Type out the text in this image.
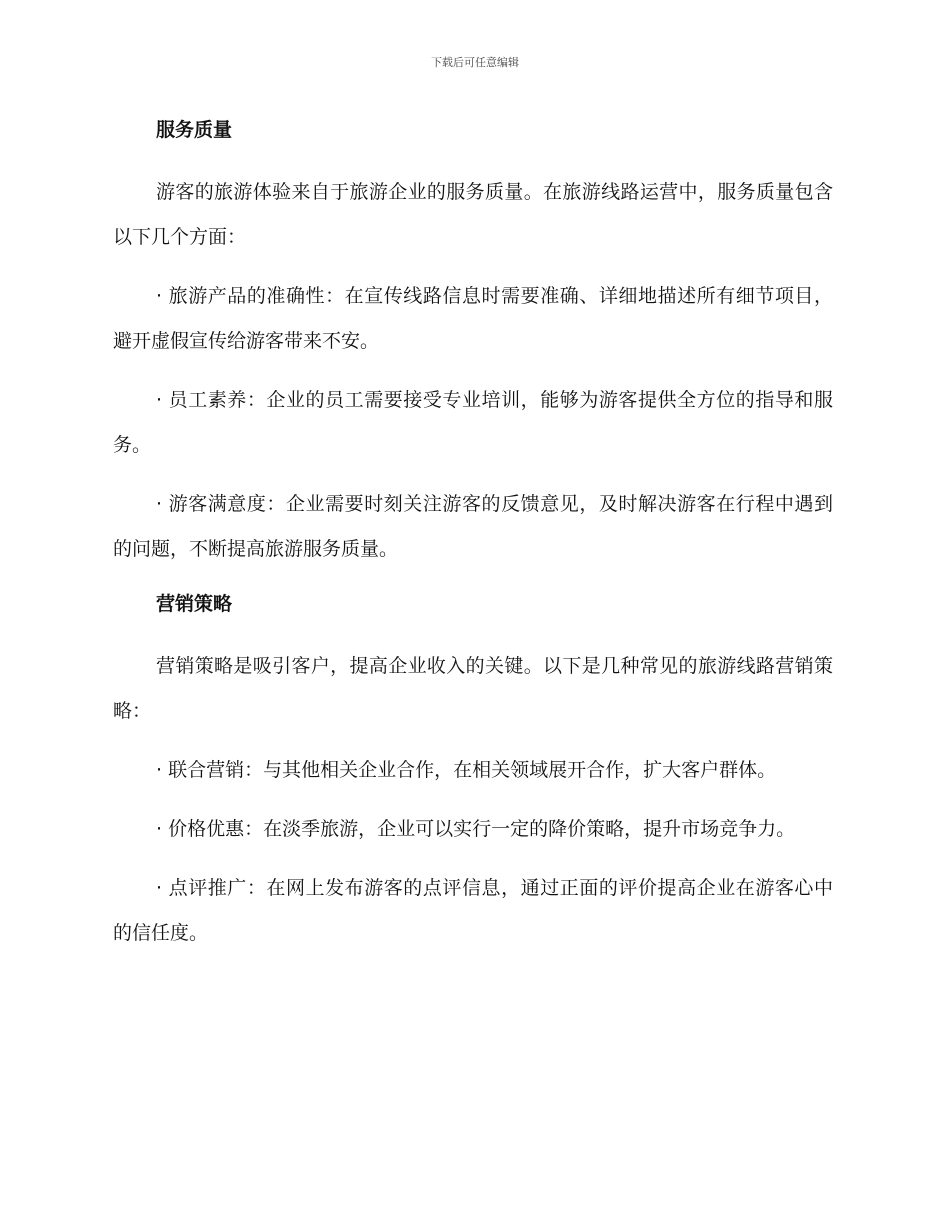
下载后可任意编辑
服务质量

游客的旅游体验来自于旅游企业的服务质量。在旅游线路运营中，服务质量包含以下几个方面：

· 旅游产品的准确性：在宣传线路信息时需要准确、详细地描述所有细节项目，避开虚假宣传给游客带来不安。

· 员工素养：企业的员工需要接受专业培训，能够为游客提供全方位的指导和服务。

· 游客满意度：企业需要时刻关注游客的反馈意见，及时解决游客在行程中遇到的问题，不断提高旅游服务质量。

营销策略

营销策略是吸引客户，提高企业收入的关键。以下是几种常见的旅游线路营销策略：

· 联合营销：与其他相关企业合作，在相关领域展开合作，扩大客户群体。

· 价格优惠：在淡季旅游，企业可以实行一定的降价策略，提升市场竞争力。

· 点评推广：在网上发布游客的点评信息，通过正面的评价提高企业在游客心中的信任度。
